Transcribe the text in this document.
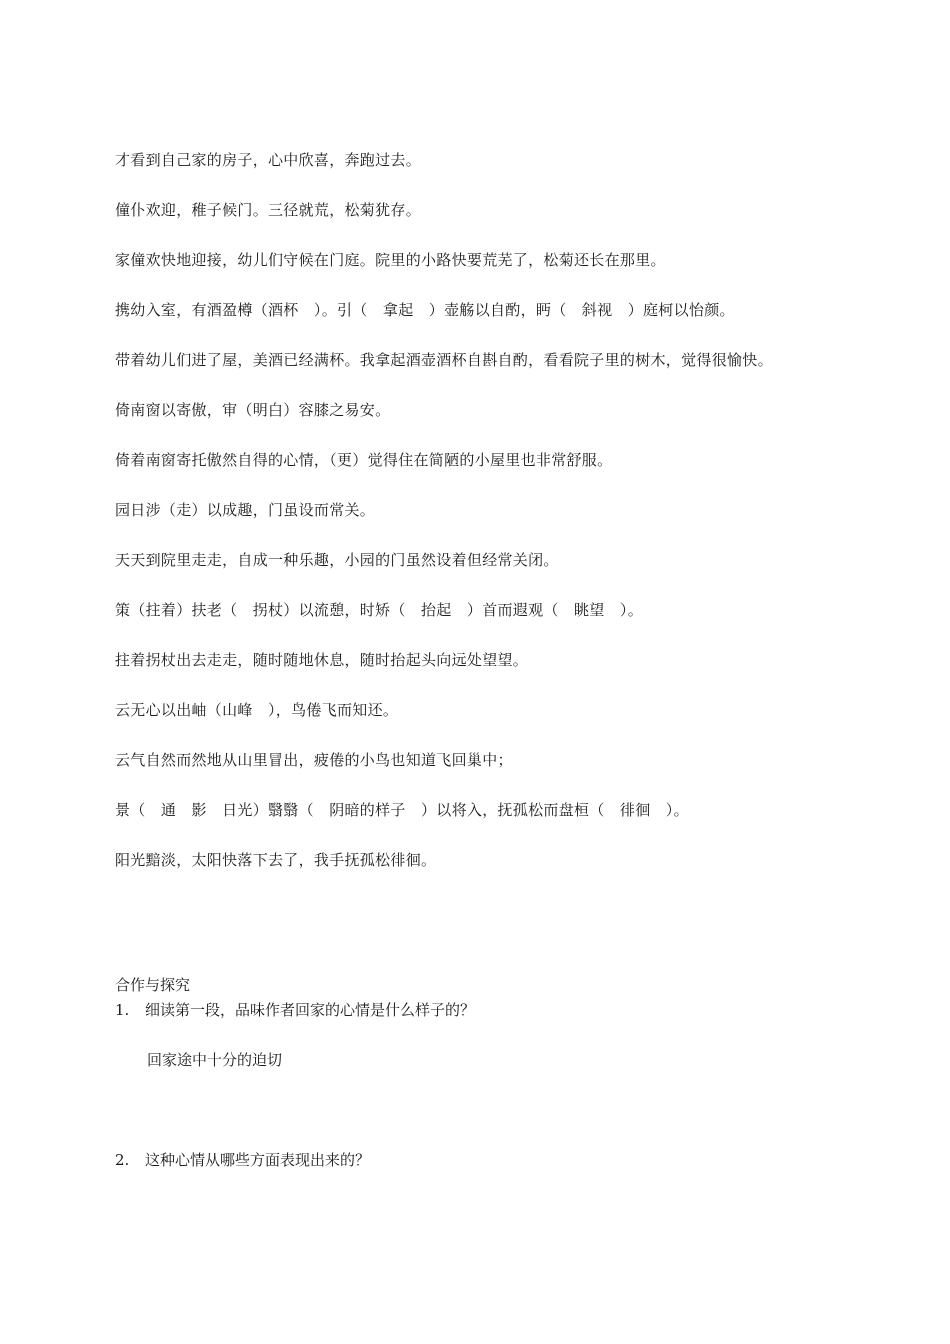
才看到自己家的房子，心中欣喜，奔跑过去。
僮仆欢迎，稚子候门。三径就荒，松菊犹存。
家僮欢快地迎接，幼儿们守候在门庭。院里的小路快要荒芜了，松菊还长在那里。
携幼入室，有酒盈樽（酒杯　）。引（　拿起　）壶觞以自酌，眄（　斜视　）庭柯以怡颜。
带着幼儿们进了屋，美酒已经满杯。我拿起酒壶酒杯自斟自酌，看看院子里的树木，觉得很愉快。
倚南窗以寄傲，审（明白）容膝之易安。
倚着南窗寄托傲然自得的心情，（更）觉得住在简陋的小屋里也非常舒服。
园日涉（走）以成趣，门虽设而常关。
天天到院里走走，自成一种乐趣，小园的门虽然设着但经常关闭。
策（拄着）扶老（　拐杖）以流憩，时矫（　抬起　）首而遐观（　眺望　）。
拄着拐杖出去走走，随时随地休息，随时抬起头向远处望望。
云无心以出岫（山峰　），鸟倦飞而知还。
云气自然而然地从山里冒出，疲倦的小鸟也知道飞回巢中；
景（　通　影　日光）翳翳（　阴暗的样子　）以将入，抚孤松而盘桓（　徘徊　）。
阳光黯淡，太阳快落下去了，我手抚孤松徘徊。
合作与探究
1. 细读第一段，品味作者回家的心情是什么样子的？
回家途中十分的迫切
2. 这种心情从哪些方面表现出来的？
